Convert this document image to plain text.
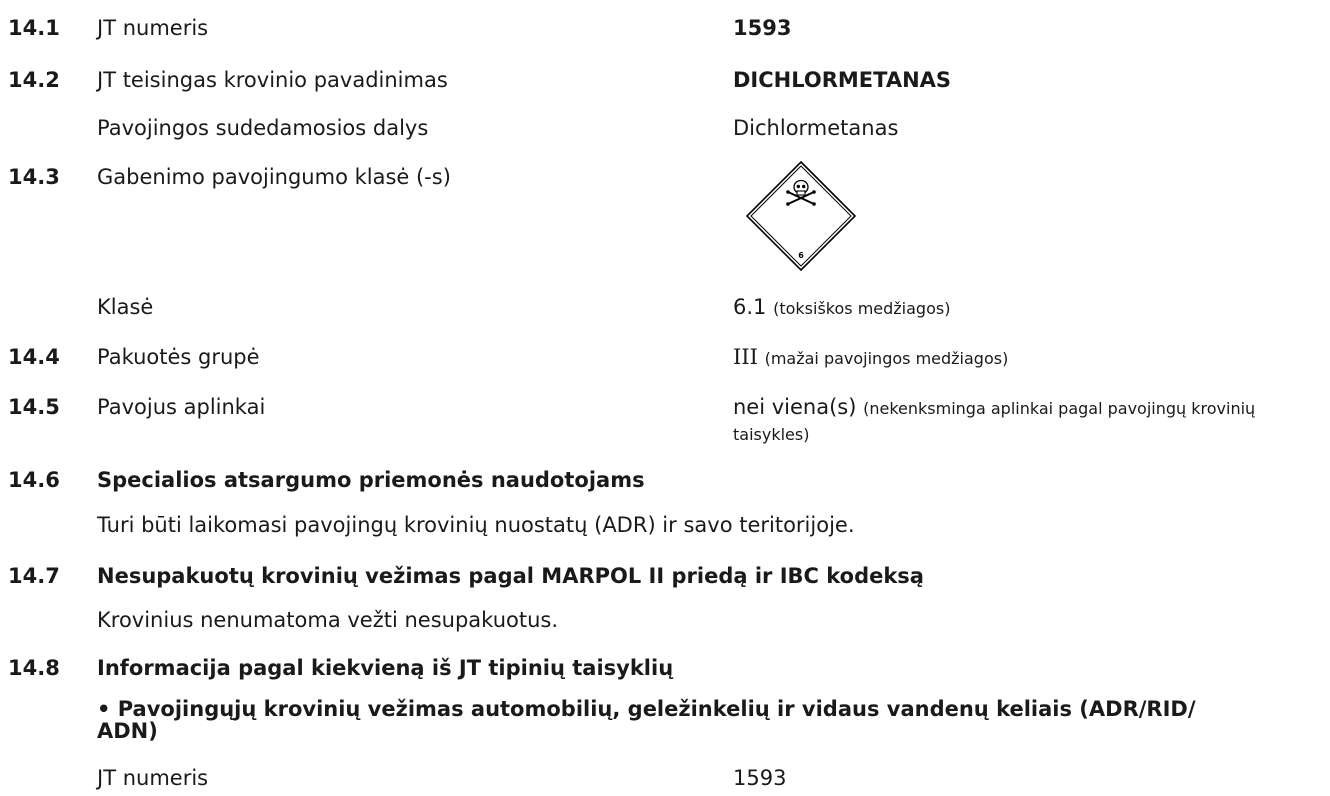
14.1 JT numeris	1593
14.2 JT teisingas krovinio pavadinimas	DICHLORMETANAS
Pavojingos sudedamosios dalys	Dichlormetanas
14.3 Gabenimo pavojingumo klasė (-s)
6
Klasė	6.1 (toksiškos medžiagos)
14.4 Pakuotės grupė	III (mažai pavojingos medžiagos)
14.5 Pavojus aplinkai	nei viena(s) (nekenksminga aplinkai pagal pavojingų krovinių taisykles)
14.6 Specialios atsargumo priemonės naudotojams
Turi būti laikomasi pavojingų krovinių nuostatų (ADR) ir savo teritorijoje.
14.7 Nesupakuotų krovinių vežimas pagal MARPOL II priedą ir IBC kodeksą
Krovinius nenumatoma vežti nesupakuotus.
14.8 Informacija pagal kiekvieną iš JT tipinių taisyklių
• Pavojingųjų krovinių vežimas automobilių, geležinkelių ir vidaus vandenų keliais (ADR/RID/
ADN)
JT numeris	1593
